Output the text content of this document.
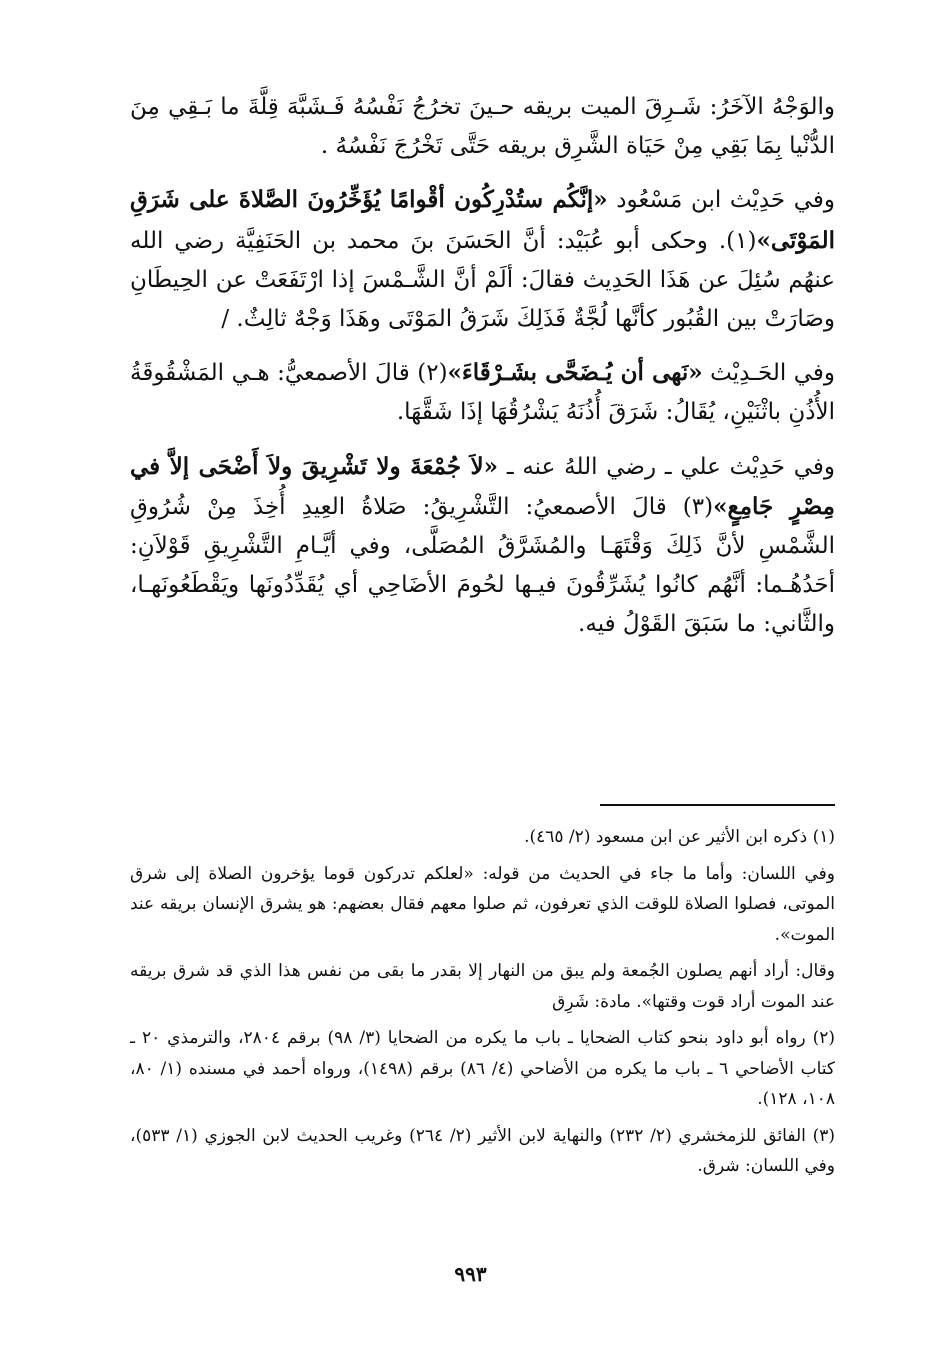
والوَجْهُ الآخَرُ: شَـرِقَ الميت بريقه حـينَ تخرُجُ نَفْسُهُ فَـشَبَّهَ قِلَّةَ ما بَـقِي مِنَ الدُّنْيا بِمَا بَقِي مِنْ حَيَاة الشَّرِق بريقه حَتَّى تَخْرُجَ نَفْسُهُ .

وفي حَدِيْث ابن مَسْعُود «إنَّكُم ستُدْرِكُون أقْوامًا يُؤَخِّرُونَ الصَّلاةَ على شَرَقِ المَوْتَى»(١). وحكى أبو عُبَيْد: أنَّ الحَسَنَ بنَ محمد بن الحَنَفِيَّة رضي الله عنهُم سُئِلَ عن هَذَا الحَدِيث فقالَ: ألَمْ أنَّ الشَّـمْسَ إذا ارْتَفَعَتْ عن الحِيطَانِ وصَارَتْ بين القُبُور كأنَّها لُجَّةٌ فَذَلِكَ شَرَقُ المَوْتَى وهَذَا وَجْهٌ ثالِثٌ. /

وفي الحَـدِيْث «نَهى أن يُـضَحَّى بشَـرْقَاءَ»(٢) قالَ الأصمعيُّ: هـي المَشْقُوقَةُ الأُذُنِ باثْنَيْنِ، يُقَالُ: شَرَقَ أُذُنَهُ يَشْرُقُهَا إذَا شَقَّهَا.

وفي حَدِيْث علي ـ رضي اللهُ عنه ـ «لاَ جُمْعَةَ ولا تَشْرِيقَ ولاَ أَضْحَى إلاَّ في مِصْرٍ جَامِعٍ»(٣) قالَ الأصمعيُ: التَّشْرِيقُ: صَلاةُ العِيدِ أُخِذَ مِنْ شُرُوقِ الشَّمْسِ لأنَّ ذَلِكَ وَقْتَهَـا والمُشَرَّقُ المُصَلَّى، وفي أيَّـامِ التَّشْرِيقِ قَوْلاَنِ: أحَدُهُـما: أنَّهُم كانُوا يُشَرِّقُونَ فيـها لحُومَ الأضَاحِي أي يُقَدِّدُونَها ويَقْطَعُونَهـا، والثَّاني: ما سَبَقَ القَوْلُ فيه.

(١) ذكره ابن الأثير عن ابن مسعود (٢/ ٤٦٥).

وفي اللسان: وأما ما جاء في الحديث من قوله: «لعلكم تدركون قوما يؤخرون الصلاة إلى شرق الموتى، فصلوا الصلاة للوقت الذي تعرفون، ثم صلوا معهم فقال بعضهم: هو يشرق الإنسان بريقه عند الموت».

وقال: أراد أنهم يصلون الجُمعة ولم يبق من النهار إلا بقدر ما بقى من نفس هذا الذي قد شرق بريقه عند الموت أراد قوت وقتها». مادة: شَرِق

(٢) رواه أبو داود بنحو كتاب الضحايا ـ باب ما يكره من الضحايا (٣/ ٩٨) برقم ٢٨٠٤، والترمذي ٢٠ ـ كتاب الأضاحي ٦ ـ باب ما يكره من الأضاحي (٤/ ٨٦) برقم (١٤٩٨)، ورواه أحمد في مسنده (١/ ٨٠، ١٠٨، ١٢٨).

(٣) الفائق للزمخشري (٢/ ٢٣٢) والنهاية لابن الأثير (٢/ ٢٦٤) وغريب الحديث لابن الجوزي (١/ ٥٣٣)، وفي اللسان: شرق.

٩٩٣
